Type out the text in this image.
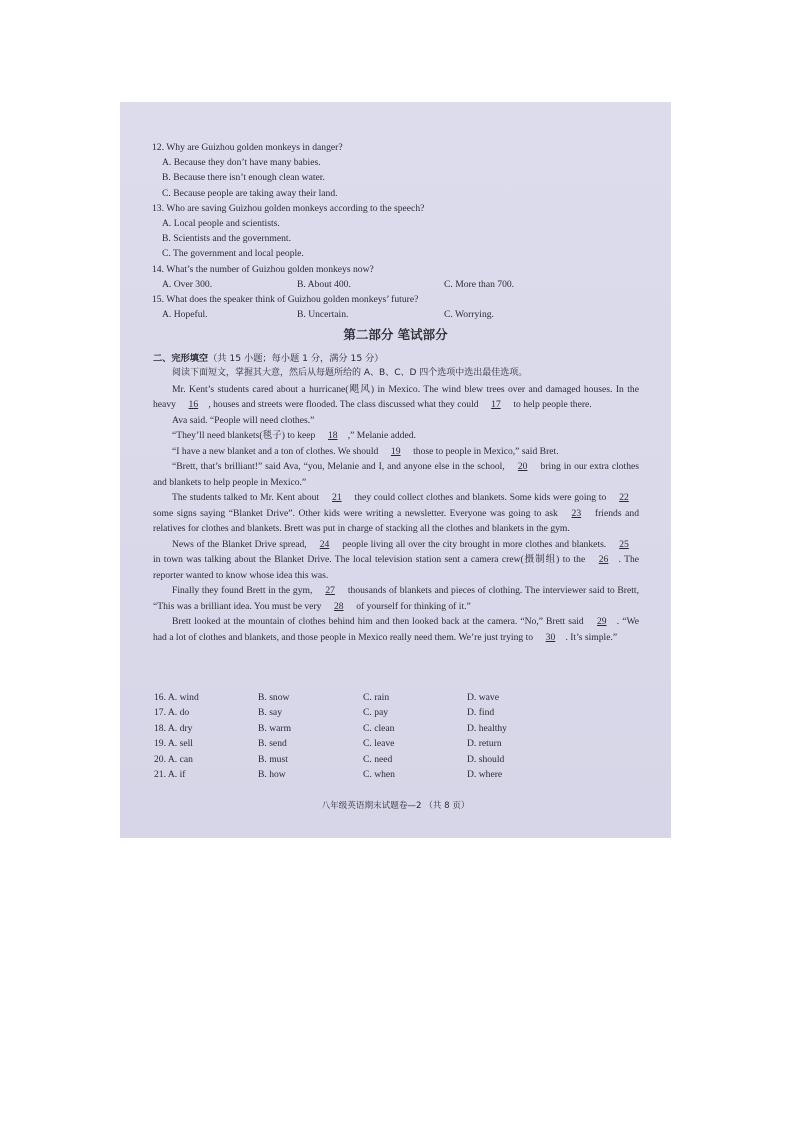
12. Why are Guizhou golden monkeys in danger?

A. Because they don’t have many babies.

B. Because there isn’t enough clean water.

C. Because people are taking away their land.

13. Who are saving Guizhou golden monkeys according to the speech?

A. Local people and scientists.

B. Scientists and the government.

C. The government and local people.

14. What’s the number of Guizhou golden monkeys now?

A. Over 300.	B. About 400.	C. More than 700.

15. What does the speaker think of Guizhou golden monkeys’ future?

A. Hopeful.	B. Uncertain.	C. Worrying.
第二部分 笔试部分
二、完形填空（共 15 小题；每小题 1 分，满分 15 分）

阅读下面短文，掌握其大意，然后从每题所给的 A、B、C、D 四个选项中选出最佳选项。

Mr. Kent’s students cared about a hurricane(飓风) in Mexico. The wind blew trees over and damaged houses. In the heavy 16 , houses and streets were flooded. The class discussed what they could 17 to help people there.

Ava said. “People will need clothes.”

“They’ll need blankets(毯子) to keep 18 ,” Melanie added.

“I have a new blanket and a ton of clothes. We should 19 those to people in Mexico,” said Bret.

“Brett, that’s brilliant!” said Ava, “you, Melanie and I, and anyone else in the school, 20 bring in our extra clothes and blankets to help people in Mexico.”

The students talked to Mr. Kent about 21 they could collect clothes and blankets. Some kids were going to 22 some signs saying “Blanket Drive”. Other kids were writing a newsletter. Everyone was going to ask 23 friends and relatives for clothes and blankets. Brett was put in charge of stacking all the clothes and blankets in the gym.

News of the Blanket Drive spread, 24 people living all over the city brought in more clothes and blankets. 25 in town was talking about the Blanket Drive. The local television station sent a camera crew(摄制组) to the 26 . The reporter wanted to know whose idea this was.

Finally they found Brett in the gym, 27 thousands of blankets and pieces of clothing. The interviewer said to Brett, “This was a brilliant idea. You must be very 28 of yourself for thinking of it.”

Brett looked at the mountain of clothes behind him and then looked back at the camera. “No,” Brett said 29 . “We had a lot of clothes and blankets, and those people in Mexico really need them. We’re just trying to 30 . It’s simple.”

16. A. wind	B. snow	C. rain	D. wave
17. A. do	B. say	C. pay	D. find
18. A. dry	B. warm	C. clean	D. healthy
19. A. sell	B. send	C. leave	D. return
20. A. can	B. must	C. need	D. should
21. A. if	B. how	C. when	D. where
八年级英语期末试题卷—2 （共 8 页）
